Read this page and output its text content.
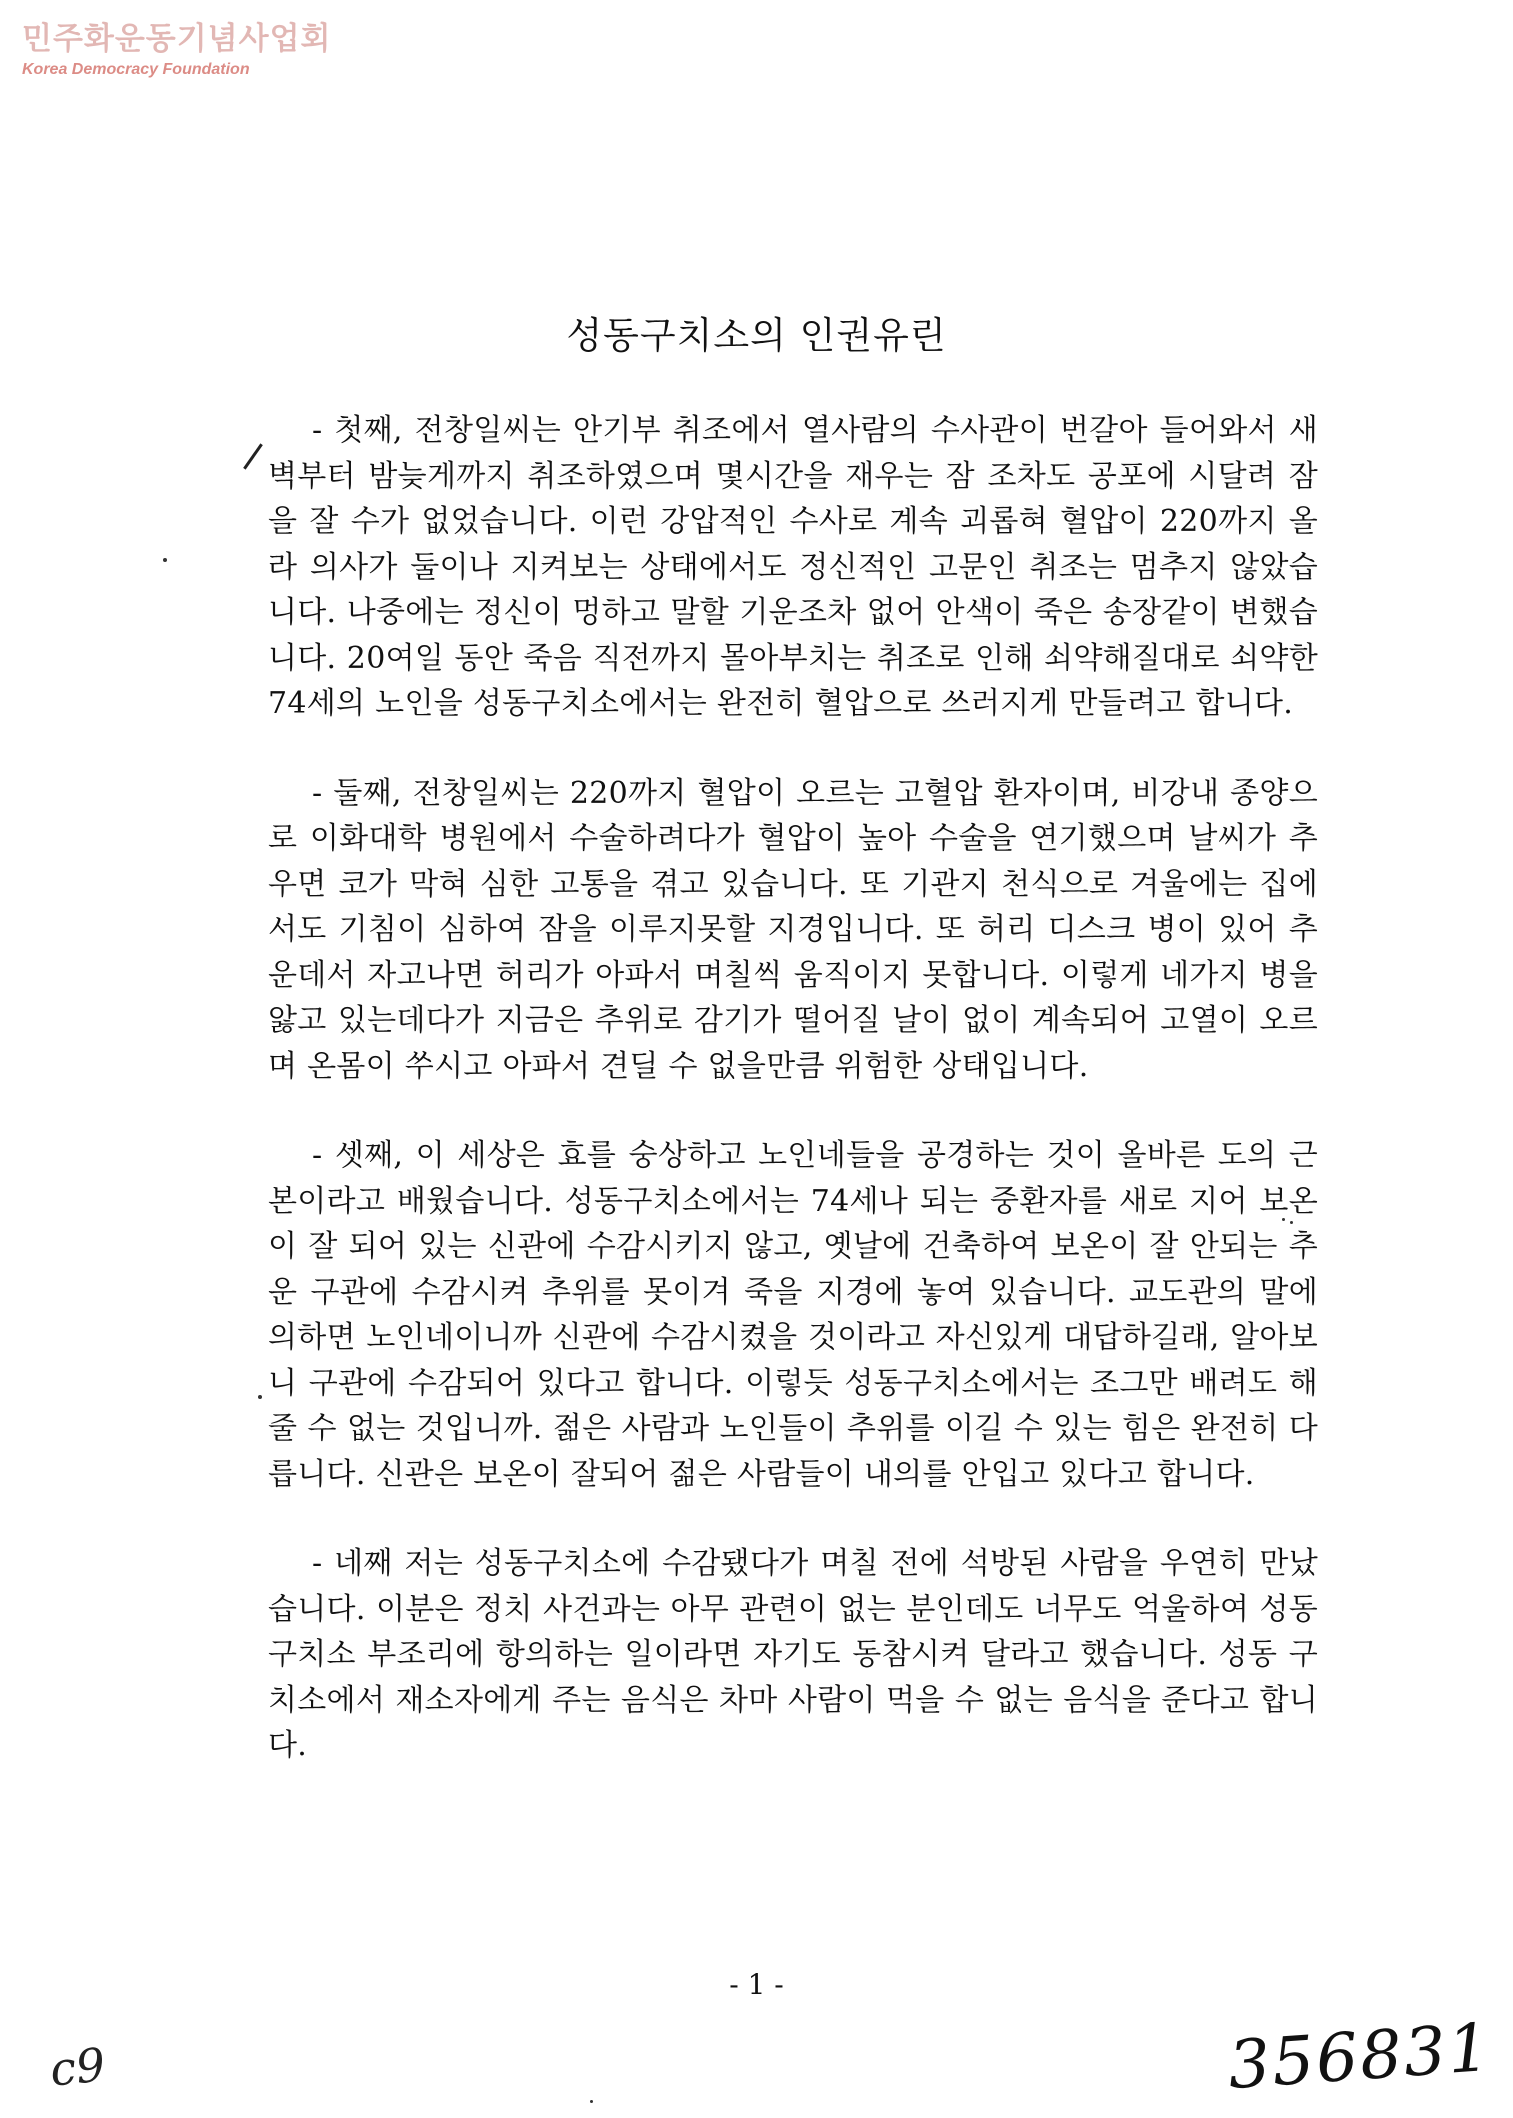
민주화운동기념사업회
Korea Democracy Foundation
성동구치소의 인권유린

- 첫째, 전창일씨는 안기부 취조에서 열사람의 수사관이 번갈아 들어와서 새벽부터 밤늦게까지 취조하였으며 몇시간을 재우는 잠 조차도 공포에 시달려 잠을 잘 수가 없었습니다. 이런 강압적인 수사로 계속 괴롭혀 혈압이 220까지 올라 의사가 둘이나 지켜보는 상태에서도 정신적인 고문인 취조는 멈추지 않았습니다. 나중에는 정신이 멍하고 말할 기운조차 없어 안색이 죽은 송장같이 변했습니다. 20여일 동안 죽음 직전까지 몰아부치는 취조로 인해 쇠약해질대로 쇠약한 74세의 노인을 성동구치소에서는 완전히 혈압으로 쓰러지게 만들려고 합니다.

- 둘째, 전창일씨는 220까지 혈압이 오르는 고혈압 환자이며, 비강내 종양으로 이화대학 병원에서 수술하려다가 혈압이 높아 수술을 연기했으며 날씨가 추우면 코가 막혀 심한 고통을 겪고 있습니다. 또 기관지 천식으로 겨울에는 집에서도 기침이 심하여 잠을 이루지못할 지경입니다. 또 허리 디스크 병이 있어 추운데서 자고나면 허리가 아파서 며칠씩 움직이지 못합니다. 이렇게 네가지 병을 앓고 있는데다가 지금은 추위로 감기가 떨어질 날이 없이 계속되어 고열이 오르며 온몸이 쑤시고 아파서 견딜 수 없을만큼 위험한 상태입니다.

- 셋째, 이 세상은 효를 숭상하고 노인네들을 공경하는 것이 올바른 도의 근본이라고 배웠습니다. 성동구치소에서는 74세나 되는 중환자를 새로 지어 보온이 잘 되어 있는 신관에 수감시키지 않고, 옛날에 건축하여 보온이 잘 안되는 추운 구관에 수감시켜 추위를 못이겨 죽을 지경에 놓여 있습니다. 교도관의 말에 의하면 노인네이니까 신관에 수감시켰을 것이라고 자신있게 대답하길래, 알아보니 구관에 수감되어 있다고 합니다. 이렇듯 성동구치소에서는 조그만 배려도 해줄 수 없는 것입니까. 젊은 사람과 노인들이 추위를 이길 수 있는 힘은 완전히 다릅니다. 신관은 보온이 잘되어 젊은 사람들이 내의를 안입고 있다고 합니다.

- 네째 저는 성동구치소에 수감됐다가 며칠 전에 석방된 사람을 우연히 만났습니다. 이분은 정치 사건과는 아무 관련이 없는 분인데도 너무도 억울하여 성동구치소 부조리에 항의하는 일이라면 자기도 동참시켜 달라고 했습니다. 성동 구치소에서 재소자에게 주는 음식은 차마 사람이 먹을 수 없는 음식을 준다고 합니다.

- 1 -
c9	356831
